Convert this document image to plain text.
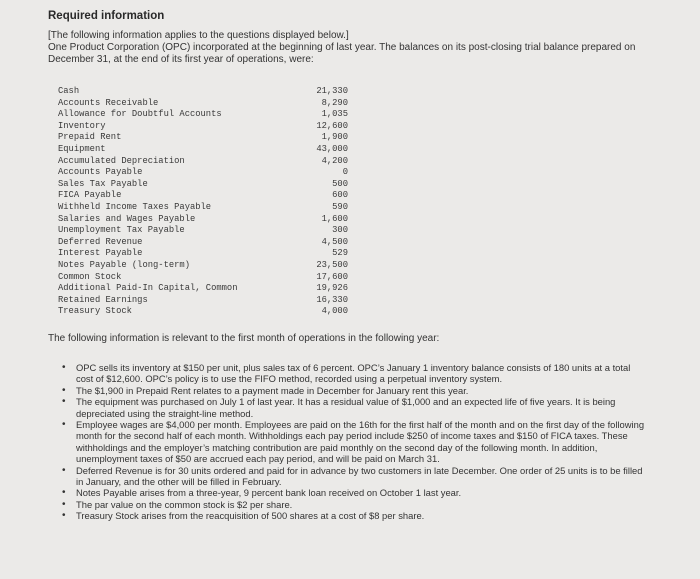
Required information
[The following information applies to the questions displayed below.]
One Product Corporation (OPC) incorporated at the beginning of last year. The balances on its post-closing trial balance prepared on December 31, at the end of its first year of operations, were:
Cash	21,330
Accounts Receivable	8,290
Allowance for Doubtful Accounts	1,035
Inventory	12,600
Prepaid Rent	1,900
Equipment	43,000
Accumulated Depreciation	4,200
Accounts Payable	0
Sales Tax Payable	500
FICA Payable	600
Withheld Income Taxes Payable	590
Salaries and Wages Payable	1,600
Unemployment Tax Payable	300
Deferred Revenue	4,500
Interest Payable	529
Notes Payable (long-term)	23,500
Common Stock	17,600
Additional Paid-In Capital, Common	19,926
Retained Earnings	16,330
Treasury Stock	4,000
The following information is relevant to the first month of operations in the following year:
• OPC sells its inventory at $150 per unit, plus sales tax of 6 percent. OPC’s January 1 inventory balance consists of 180 units at a total cost of $12,600. OPC’s policy is to use the FIFO method, recorded using a perpetual inventory system.
• The $1,900 in Prepaid Rent relates to a payment made in December for January rent this year.
• The equipment was purchased on July 1 of last year. It has a residual value of $1,000 and an expected life of five years. It is being depreciated using the straight-line method.
• Employee wages are $4,000 per month. Employees are paid on the 16th for the first half of the month and on the first day of the following month for the second half of each month. Withholdings each pay period include $250 of income taxes and $150 of FICA taxes. These withholdings and the employer’s matching contribution are paid monthly on the second day of the following month. In addition, unemployment taxes of $50 are accrued each pay period, and will be paid on March 31.
• Deferred Revenue is for 30 units ordered and paid for in advance by two customers in late December. One order of 25 units is to be filled in January, and the other will be filled in February.
• Notes Payable arises from a three-year, 9 percent bank loan received on October 1 last year.
• The par value on the common stock is $2 per share.
• Treasury Stock arises from the reacquisition of 500 shares at a cost of $8 per share.
